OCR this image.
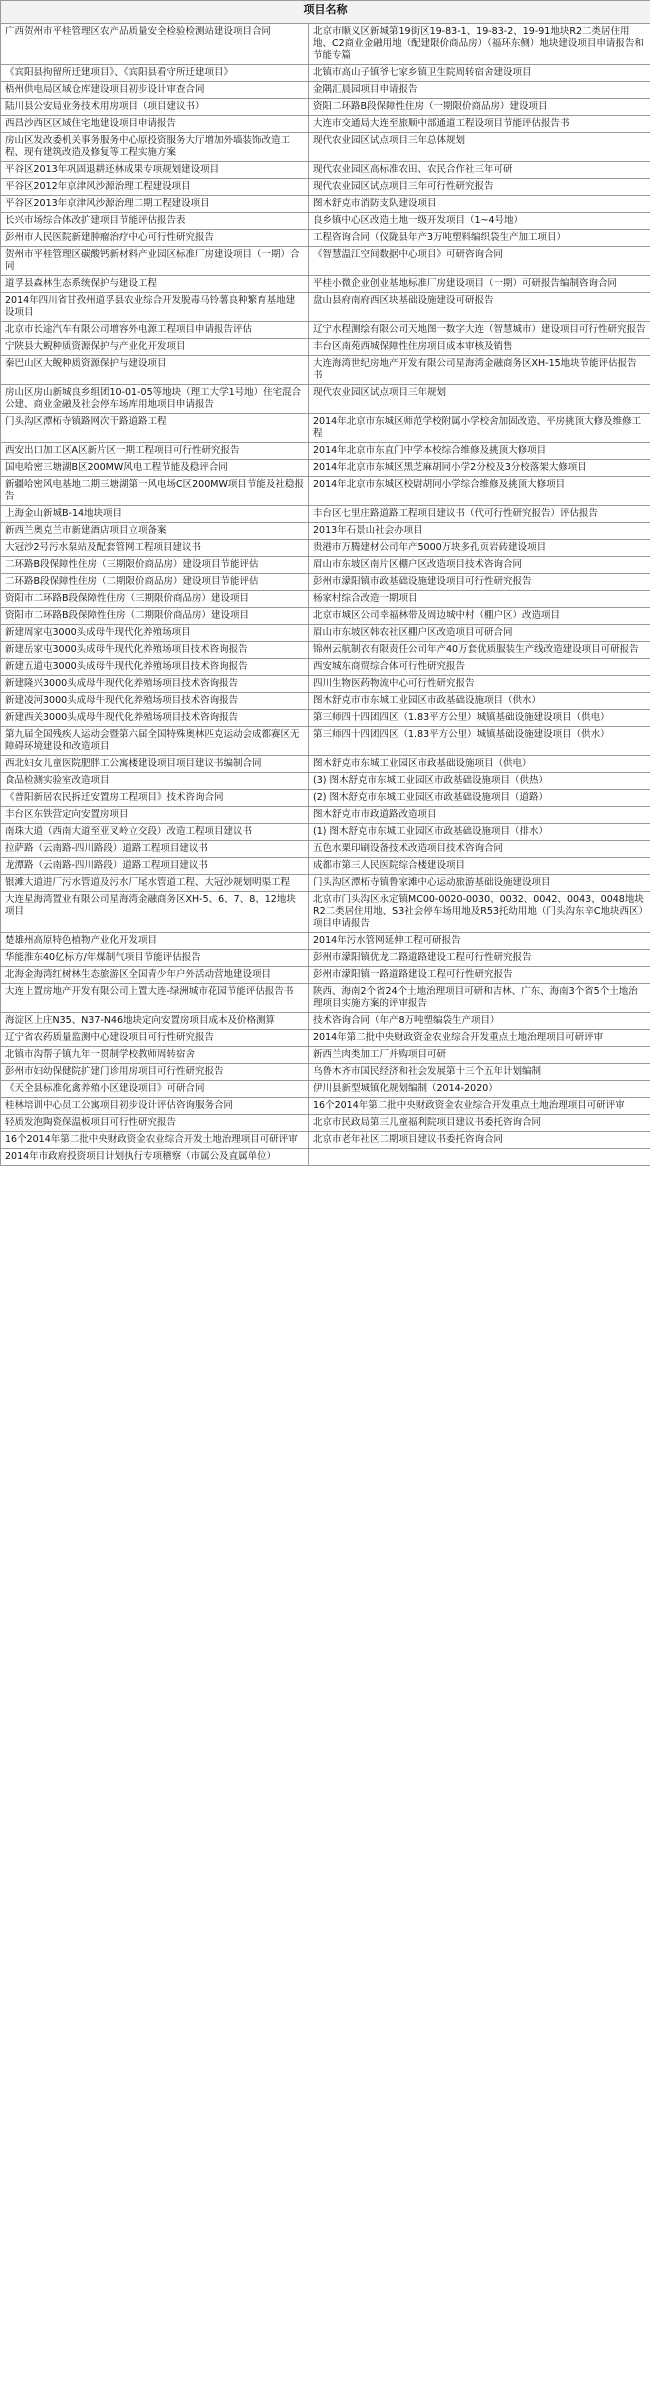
项目名称	
广西贺州市平桂管理区农产品质量安全检验检测站建设项目合同	北京市顺义区新城第19街区19-83-1、19-83-2、19-91地块R2二类居住用地、C2商业金融用地（配建限价商品房）（福环东侧）地块建设项目申请报告和节能专篇
《宾阳县拘留所迁建项目》、《宾阳县看守所迁建项目》	北镇市高山子镇爷七家乡镇卫生院周转宿舍建设项目
梧州供电局区域仓库建设项目初步设计审查合同	金隅汇晨园项目申请报告
陆川县公安局业务技术用房项目（项目建议书）	资阳二环路B段保障性住房（一期限价商品房）建设项目
西昌沙西区区域住宅地建设项目申请报告	大连市交通局大连至旅顺中部通道工程设项目节能评估报告书
房山区发改委机关事务服务中心原投资服务大厅增加外墙装饰改造工程、现有建筑改造及修复等工程实施方案	现代农业园区试点项目三年总体规划
平谷区2013年巩固退耕还林成果专项规划建设项目	现代农业园区高标准农田、农民合作社三年可研
平谷区2012年京津风沙源治理工程建设项目	现代农业园区试点项目三年可行性研究报告
平谷区2013年京津风沙源治理二期工程建设项目	图木舒克市消防支队建设项目
长兴市场综合体改扩建项目节能评估报告表	良乡镇中心区改造土地一级开发项目（1~4号地）
彭州市人民医院新建肿瘤治疗中心可行性研究报告	工程咨询合同（仪陇县年产3万吨塑料编织袋生产加工项目）
贺州市平桂管理区碳酸钙新材料产业园区标准厂房建设项目（一期）合同	《智慧温江空间数据中心项目》可研咨询合同
道孚县森林生态系统保护与建设工程	平桂小微企业创业基地标准厂房建设项目（一期）可研报告编制咨询合同
2014年四川省甘孜州道孚县农业综合开发脱毒马铃薯良种繁育基地建设项目	盘山县府南府西区块基础设施建设可研报告
北京市长途汽车有限公司增容外电源工程项目申请报告评估	辽宁水程测绘有限公司天地图一数字大连（智慧城市）建设项目可行性研究报告
宁陕县大鲵种质资源保护与产业化开发项目	丰台区南苑西城保障性住房项目成本审核及销售
秦巴山区大鲵种质资源保护与建设项目	大连海湾世纪房地产开发有限公司星海湾金融商务区XH-15地块节能评估报告书
房山区房山新城良乡组团10-01-05等地块（理工大学1号地）住宅混合公建、商业金融及社会停车场库用地项目申请报告	现代农业园区试点项目三年规划
门头沟区潭柘寺镇路网次干路道路工程	2014年北京市东城区师范学校附属小学校舍加固改造、平房挑顶大修及维修工程
西安出口加工区A区新片区一期工程项目可行性研究报告	2014年北京市东直门中学本校综合维修及挑顶大修项目
国电哈密三塘湖B区200MW风电工程节能及稳评合同	2014年北京市东城区黑芝麻胡同小学2分校及3分校落架大修项目
新疆哈密风电基地二期三塘湖第一风电场C区200MW项目节能及社稳报告	2014年北京市东城区校尉胡同小学综合维修及挑顶大修项目
上海金山新城B-14地块项目	丰台区七里庄路道路工程项目建议书（代可行性研究报告）评估报告
新西兰奥克兰市新建酒店项目立项备案	2013年石景山社会办项目
大冠沙2号污水泵站及配套管网工程项目建议书	贵港市万腾建材公司年产5000万块多孔页岩砖建设项目
二环路B段保障性住房（三期限价商品房）建设项目节能评估	眉山市东坡区南片区棚户区改造项目技术咨询合同
二环路B段保障性住房（二期限价商品房）建设项目节能评估	彭州市濛阳镇市政基础设施建设项目可行性研究报告
资阳市二环路B段保障性住房（三期限价商品房）建设项目	杨家村综合改造一期项目
资阳市二环路B段保障性住房（二期限价商品房）建设项目	北京市城区公司幸福林带及周边城中村（棚户区）改造项目
新建周家屯3000头成母牛现代化养殖场项目	眉山市东坡区韩农社区棚户区改造项目可研合同
新建岳家屯3000头成母牛现代化养殖场项目技术咨询报告	锦州云航制衣有限责任公司年产40万套优质服装生产线改造建设项目可研报告
新建五道屯3000头成母牛现代化养殖场项目技术咨询报告	西安城东商贸综合体可行性研究报告
新建隆兴3000头成母牛现代化养殖场项目技术咨询报告	四川生物医药物流中心可行性研究报告
新建凌河3000头成母牛现代化养殖场项目技术咨询报告	图木舒克市市东城工业园区市政基础设施项目（供水）
新建西关3000头成母牛现代化养殖场项目技术咨询报告	第三师四十四团四区（1.83平方公里）城镇基础设施建设项目（供电）
第九届全国残疾人运动会暨第六届全国特殊奥林匹克运动会成都赛区无障碍环境建设和改造项目	第三师四十四团四区（1.83平方公里）城镇基础设施建设项目（供水）
西北妇女儿童医院肥胖工公寓楼建设项目项目建议书编制合同	图木舒克市东城工业园区市政基础设施项目（供电）
食品检测实验室改造项目	(3) 图木舒克市东城工业园区市政基础设施项目（供热）
《普阳新居农民拆迁安置房工程项目》技术咨询合同	(2) 图木舒克市东城工业园区市政基础设施项目（道路）
丰台区东铁营定向安置房项目	图木舒克市市政道路改造项目
南珠大道（西南大道至亚叉岭立交段）改造工程项目建议书	(1) 图木舒克市东城工业园区市政基础设施项目（排水）
拉萨路（云南路-四川路段）道路工程项目建议书	五色水栗印刷设备技术改造项目技术咨询合同
龙潭路（云南路-四川路段）道路工程项目建议书	成都市第三人民医院综合楼建设项目
银滩大道进厂污水管道及污水厂尾水管道工程、大冠沙规划明渠工程	门头沟区潭柘寺镇鲁家滩中心运动旅游基础设施建设项目
大连星海湾置业有限公司星海湾金融商务区XH-5、6、7、8、12地块项目	北京市门头沟区永定镇MC00-0020-0030、0032、0042、0043、0048地块R2二类居住用地、S3社会停车场用地及R53托幼用地（门头沟东辛C地块西区）项目申请报告
楚雄州高原特色植物产业化开发项目	2014年污水管网延伸工程可研报告
华能淮东40亿标方/年煤制气项目节能评估报告	彭州市濛阳镇优龙二路道路建设工程可行性研究报告
北海金海湾红树林生态旅游区全国青少年户外活动营地建设项目	彭州市濛阳镇一路道路建设工程可行性研究报告
大连上置房地产开发有限公司上置大连-绿洲城市花园节能评估报告书	陕西、海南2个省24个土地治理项目可研和吉林、广东、海南3个省5个土地治理项目实施方案的评审报告
海淀区上庄N35、N37-N46地块定向安置房项目成本及价格测算	技术咨询合同（年产8万吨塑编袋生产项目）
辽宁省农药质量监测中心建设项目可行性研究报告	2014年第二批中央财政资金农业综合开发重点土地治理项目可研评审
北镇市沟帮子镇九年一贯制学校教师周转宿舍	新西兰肉类加工厂并购项目可研
彭州市妇幼保健院扩建门诊用房项目可行性研究报告	乌鲁木齐市国民经济和社会发展第十三个五年计划编制
《天全县标准化禽养殖小区建设项目》可研合同	伊川县新型城镇化规划编制（2014-2020）
桂林培训中心员工公寓项目初步设计评估咨询服务合同	16个2014年第二批中央财政资金农业综合开发重点土地治理项目可研评审
轻质发泡陶瓷保温板项目可行性研究报告	北京市民政局第三儿童福利院项目建议书委托咨询合同
16个2014年第二批中央财政资金农业综合开发土地治理项目可研评审	北京市老年社区二期项目建议书委托咨询合同
2014年市政府投资项目计划执行专项稽察（市属公及直属单位）	
